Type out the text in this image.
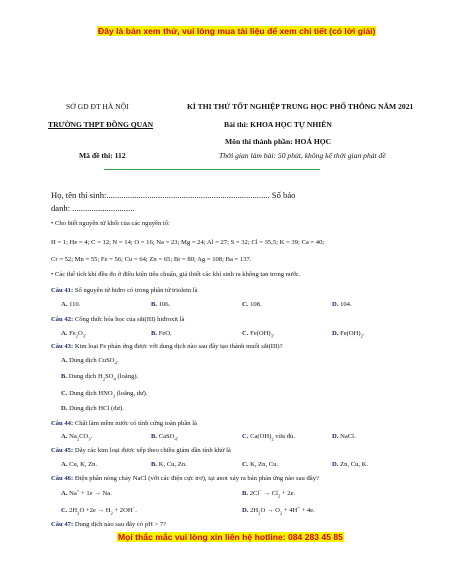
Đây là bản xem thử, vui lòng mua tài liệu để xem chi tiết (có lời giải)
SỞ GD ĐT HÀ NỘI
TRƯỜNG THPT ĐỒNG QUAN
Mã đề thi: 112
KÌ THI THỬ TỐT NGHIỆP TRUNG HỌC PHỔ THÔNG NĂM 2021
Bài thi: KHOA HỌC TỰ NHIÊN
Môn thi thành phần: HOÁ HỌC
Thời gian làm bài: 50 phút, không kể thời gian phát đề
Họ, tên thí sinh:............................................................................ Số báo
danh: .............................
• Cho biết nguyên tử khối của các nguyên tố:
H = 1; He = 4; C = 12; N = 14; O = 16; Na = 23; Mg = 24; Al = 27; S = 32; Cl = 35,5; K = 39; Ca = 40;
Cr = 52; Mn = 55; Fe = 56; Cu = 64; Zn = 65; Br = 80; Ag = 108; Ba = 137.
• Các thể tích khí đều đo ở điều kiện tiêu chuẩn, giả thiết các khí sinh ra không tan trong nước.
Câu 41: Số nguyên tử hiđro có trong phân tử triolein là
A. 110.	B. 106.	C. 108.	D. 104.
Câu 42: Công thức hóa học của sắt(III) hiđroxit là
A. $Fe_2O_3$.	B. FeO.	C. $Fe(OH)_3$.	D. $Fe(OH)_2$.
Câu 43: Kim loại Fe phản ứng được với dung dịch nào sau đây tạo thành muối sắt(III)?
A. Dung dịch CuSO$_4$.
B. Dung dịch $H_2SO_4$ (loãng).
C. Dung dịch $HNO_3$ (loãng, dư).
D. Dung dịch HCl (dư).
Câu 44: Chất làm mềm nước có tính cứng toàn phần là
A. $Na_2CO_3$.	B. CaSO$_4$.	C. $Ca(OH)_2$ vừa đủ.	D. NaCl.
Câu 45: Dãy các kim loại được xếp theo chiều giảm dần tính khử là
A. Cu, K, Zn.	B. K, Cu, Zn.	C. K, Zn, Cu.	D. Zn, Cu, K.
Câu 46: Điện phân nóng chảy NaCl (với các điện cực trơ), tại anot xảy ra bán phản ứng nào sau đây?
A. Na+ + 1e → Na.	B. $2Cl^- \to Cl_2 + 2e$.
C. $2H_2O +2e \to H_2 + 2OH^-$.	D. $2H_2O \to O_2 + 4H^+ + 4e$.
Câu 47: Dung dịch nào sau đây có pH > 7?
Mọi thắc mắc vui lòng xin liên hệ hotline: 084 283 45 85
